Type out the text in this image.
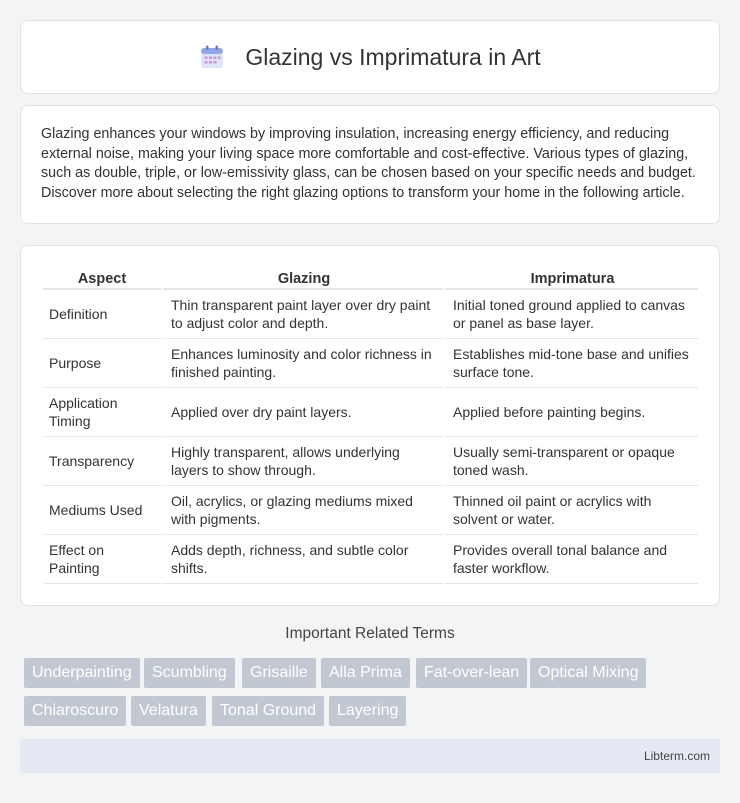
Glazing vs Imprimatura in Art

Glazing enhances your windows by improving insulation, increasing energy efficiency, and reducing external noise, making your living space more comfortable and cost-effective. Various types of glazing, such as double, triple, or low-emissivity glass, can be chosen based on your specific needs and budget. Discover more about selecting the right glazing options to transform your home in the following article.

Aspect	Glazing	Imprimatura
Definition	Thin transparent paint layer over dry paint to adjust color and depth.	Initial toned ground applied to canvas or panel as base layer.
Purpose	Enhances luminosity and color richness in finished painting.	Establishes mid-tone base and unifies surface tone.
Application Timing	Applied over dry paint layers.	Applied before painting begins.
Transparency	Highly transparent, allows underlying layers to show through.	Usually semi-transparent or opaque toned wash.
Mediums Used	Oil, acrylics, or glazing mediums mixed with pigments.	Thinned oil paint or acrylics with solvent or water.
Effect on Painting	Adds depth, richness, and subtle color shifts.	Provides overall tonal balance and faster workflow.
Important Related Terms
Underpainting	Scumbling	Grisaille	Alla Prima	Fat-over-lean	Optical Mixing
Chiaroscuro	Velatura	Tonal Ground	Layering
Libterm.com
